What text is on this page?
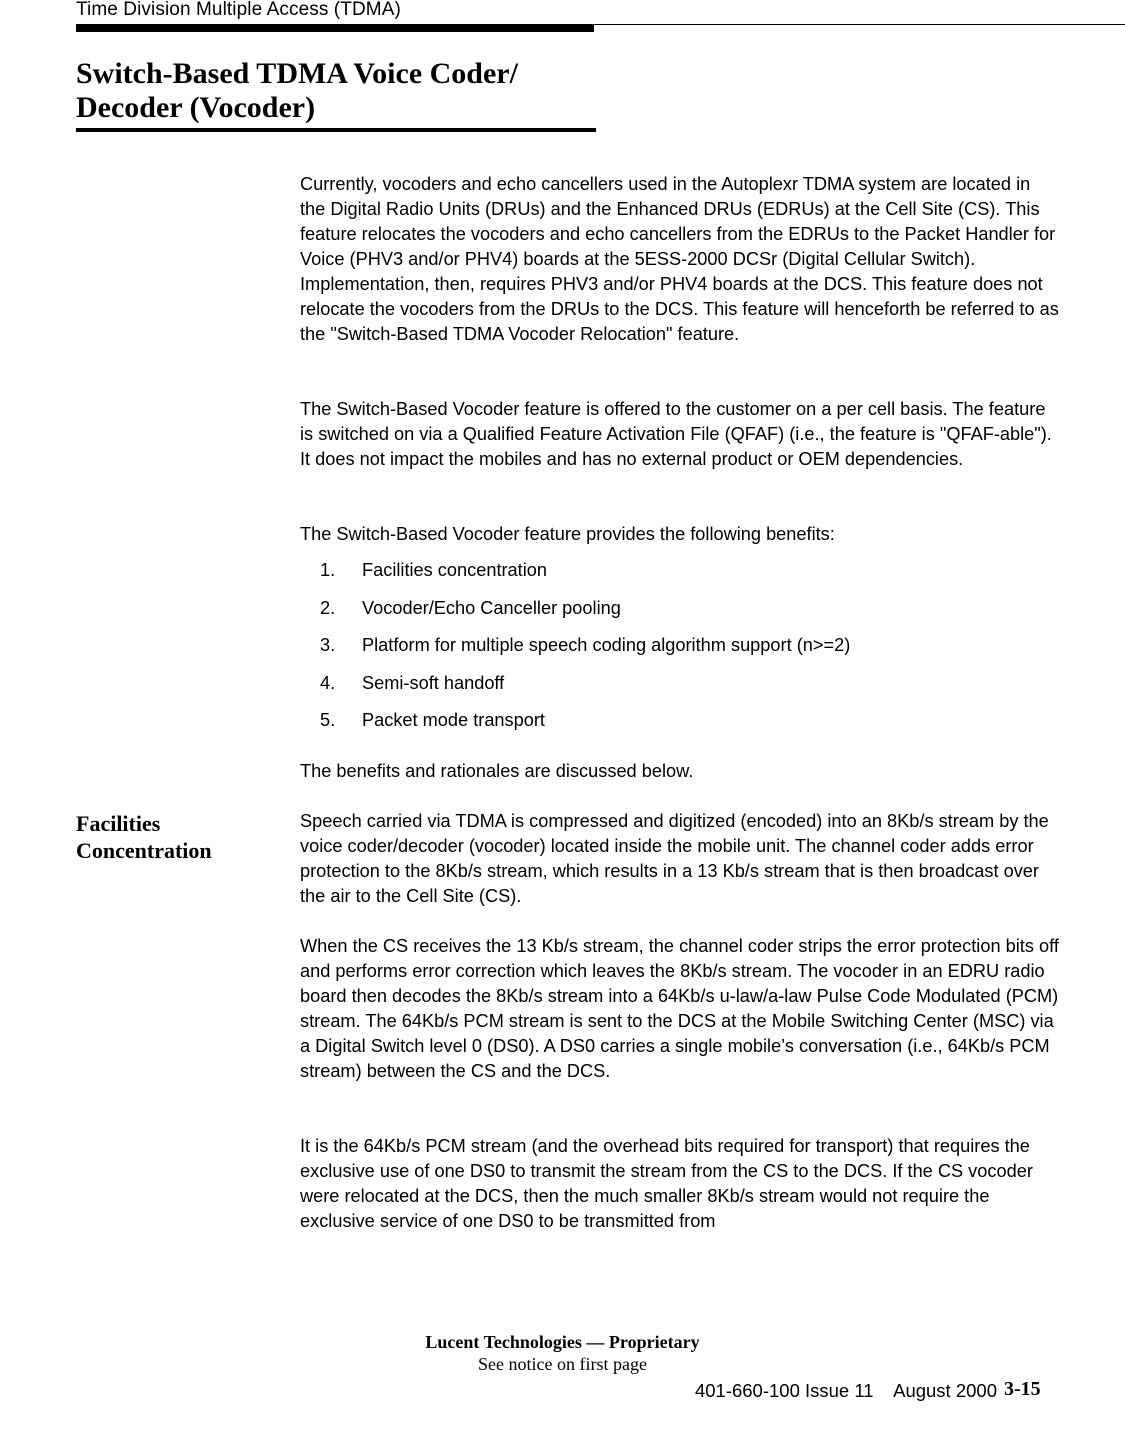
Time Division Multiple Access (TDMA)
Switch-Based TDMA Voice Coder/
Decoder (Vocoder)

Currently, vocoders and echo cancellers used in the Autoplexr TDMA system are located in the Digital Radio Units (DRUs) and the Enhanced DRUs (EDRUs) at the Cell Site (CS). This feature relocates the vocoders and echo cancellers from the EDRUs to the Packet Handler for Voice (PHV3 and/or PHV4) boards at the 5ESS-2000 DCSr (Digital Cellular Switch). Implementation, then, requires PHV3 and/or PHV4 boards at the DCS. This feature does not relocate the vocoders from the DRUs to the DCS. This feature will henceforth be referred to as the "Switch-Based TDMA Vocoder Relocation" feature.

The Switch-Based Vocoder feature is offered to the customer on a per cell basis. The feature is switched on via a Qualified Feature Activation File (QFAF) (i.e., the feature is "QFAF-able"). It does not impact the mobiles and has no external product or OEM dependencies.

The Switch-Based Vocoder feature provides the following benefits:

1.	Facilities concentration
2.	Vocoder/Echo Canceller pooling
3.	Platform for multiple speech coding algorithm support (n>=2)
4.	Semi-soft handoff
5.	Packet mode transport

The benefits and rationales are discussed below.

Facilities
Concentration

Speech carried via TDMA is compressed and digitized (encoded) into an 8Kb/s stream by the voice coder/decoder (vocoder) located inside the mobile unit. The channel coder adds error protection to the 8Kb/s stream, which results in a 13 Kb/s stream that is then broadcast over the air to the Cell Site (CS).

When the CS receives the 13 Kb/s stream, the channel coder strips the error protection bits off and performs error correction which leaves the 8Kb/s stream. The vocoder in an EDRU radio board then decodes the 8Kb/s stream into a 64Kb/s u-law/a-law Pulse Code Modulated (PCM) stream. The 64Kb/s PCM stream is sent to the DCS at the Mobile Switching Center (MSC) via a Digital Switch level 0 (DS0). A DS0 carries a single mobile’s conversation (i.e., 64Kb/s PCM stream) between the CS and the DCS.

It is the 64Kb/s PCM stream (and the overhead bits required for transport) that requires the exclusive use of one DS0 to transmit the stream from the CS to the DCS. If the CS vocoder were relocated at the DCS, then the much smaller 8Kb/s stream would not require the exclusive service of one DS0 to be transmitted from

Lucent Technologies — Proprietary
See notice on first page
401-660-100 Issue 11    August 2000 3-15
